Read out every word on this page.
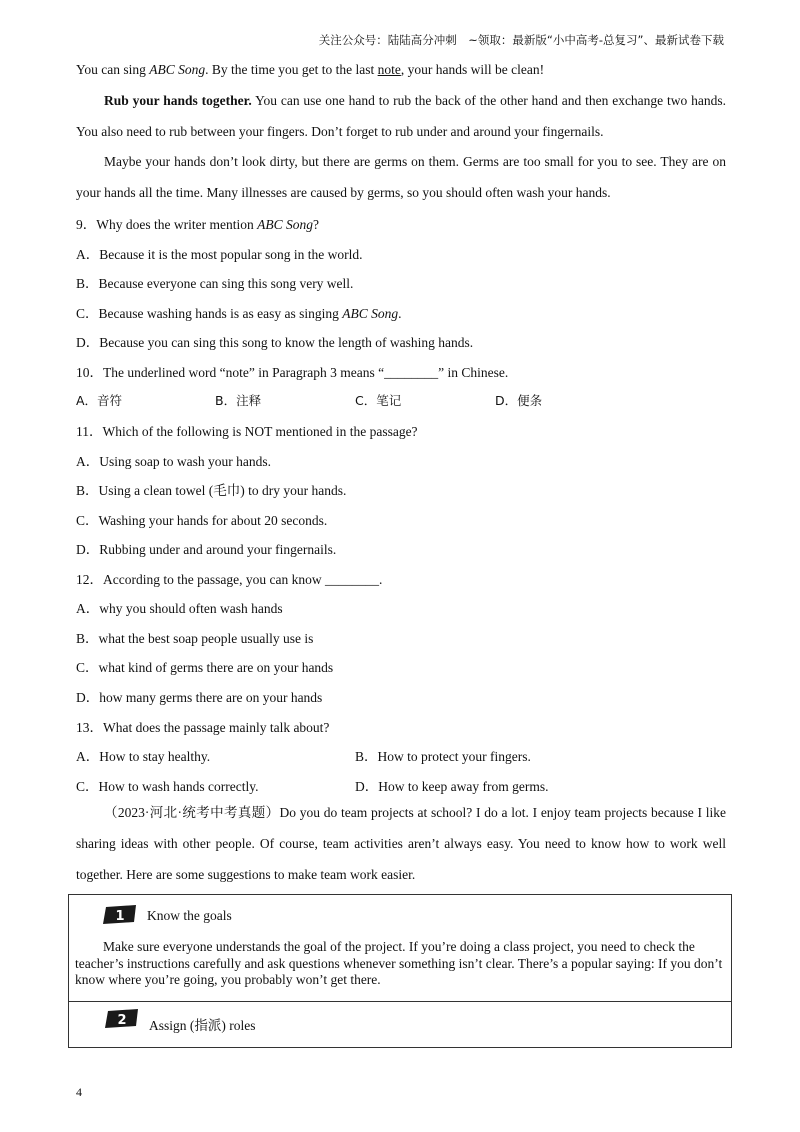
关注公众号：陆陆高分冲刺　~领取：最新版“小中高考-总复习”、最新试卷下载
You can sing ABC Song. By the time you get to the last note, your hands will be clean!

Rub your hands together. You can use one hand to rub the back of the other hand and then exchange two hands. You also need to rub between your fingers. Don’t forget to rub under and around your fingernails.

Maybe your hands don’t look dirty, but there are germs on them. Germs are too small for you to see. They are on your hands all the time. Many illnesses are caused by germs, so you should often wash your hands.

9．Why does the writer mention ABC Song?
A．Because it is the most popular song in the world.
B．Because everyone can sing this song very well.
C．Because washing hands is as easy as singing ABC Song.
D．Because you can sing this song to know the length of washing hands.
10．The underlined word “note” in Paragraph 3 means “________” in Chinese.
A．音符	B．注释	C．笔记	D．便条
11．Which of the following is NOT mentioned in the passage?
A．Using soap to wash your hands.
B．Using a clean towel (毛巾) to dry your hands.
C．Washing your hands for about 20 seconds.
D．Rubbing under and around your fingernails.
12．According to the passage, you can know ________.
A．why you should often wash hands
B．what the best soap people usually use is
C．what kind of germs there are on your hands
D．how many germs there are on your hands
13．What does the passage mainly talk about?
A．How to stay healthy.	B．How to protect your fingers.
C．How to wash hands correctly.	D．How to keep away from germs.

（2023·河北·统考中考真题）Do you do team projects at school? I do a lot. I enjoy team projects because I like sharing ideas with other people. Of course, team activities aren’t always easy. You need to know how to work well together. Here are some suggestions to make team work easier.

1 Know the goals

Make sure everyone understands the goal of the project. If you’re doing a class project, you need to check the teacher’s instructions carefully and ask questions whenever something isn’t clear. There’s a popular saying: If you don’t know where you’re going, you probably won’t get there.

2 Assign (指派) roles
4
